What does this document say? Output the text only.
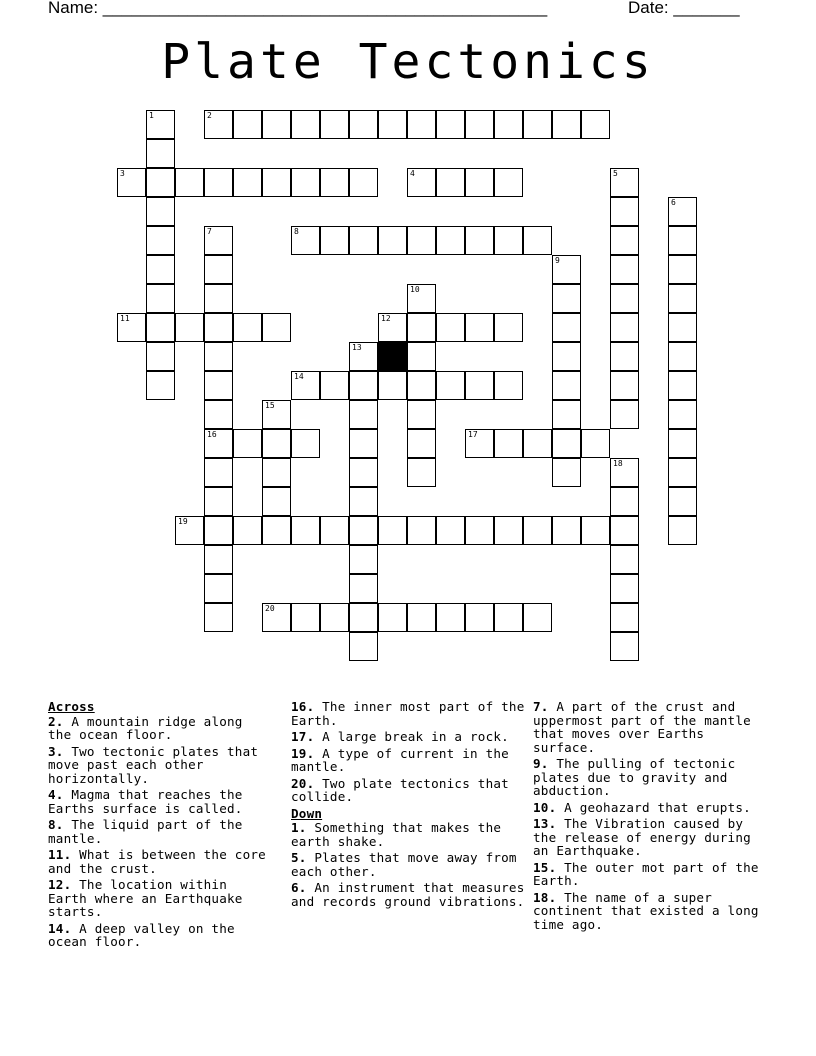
Name: _______________________________________________	Date: _______
Plate Tectonics
1	2
3	4	5
6
7
16
8
9
10
11	12
13
14
15
17
18
19
20
Across
2. A mountain ridge along the ocean floor.
3. Two tectonic plates that move past each other horizontally.
4. Magma that reaches the Earths surface is called.
8. The liquid part of the mantle.
11. What is between the core and the crust.
12. The location within Earth where an Earthquake starts.
14. A deep valley on the ocean floor.
16. The inner most part of the Earth.
17. A large break in a rock.
19. A type of current in the mantle.
20. Two plate tectonics that collide.
Down
1. Something that makes the earth shake.
5. Plates that move away from each other.
6. An instrument that measures and records ground vibrations.
7. A part of the crust and uppermost part of the mantle that moves over Earths surface.
9. The pulling of tectonic plates due to gravity and abduction.
10. A geohazard that erupts.
13. The Vibration caused by the release of energy during an Earthquake.
15. The outer mot part of the Earth.
18. The name of a super continent that existed a long time ago.
